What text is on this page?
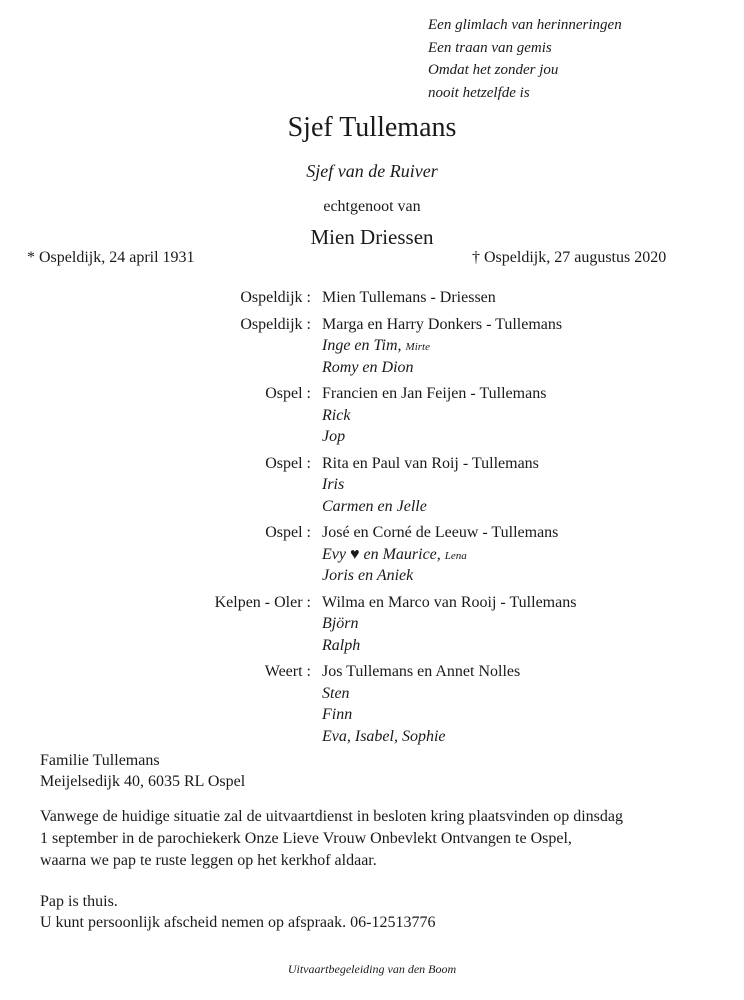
Een glimlach van herinneringen
Een traan van gemis
Omdat het zonder jou
nooit hetzelfde is
Sjef Tullemans
Sjef van de Ruiver
echtgenoot van
Mien Driessen
* Ospeldijk, 24 april 1931	† Ospeldijk, 27 augustus 2020
Ospeldijk : Mien Tullemans - Driessen
Ospeldijk : Marga en Harry Donkers - Tullemans
Inge en Tim, Mirte
Romy en Dion
Ospel : Francien en Jan Feijen - Tullemans
Rick
Jop
Ospel : Rita en Paul van Roij - Tullemans
Iris
Carmen en Jelle
Ospel : José en Corné de Leeuw - Tullemans
Evy ♥ en Maurice, Lena
Joris en Aniek
Kelpen - Oler : Wilma en Marco van Rooij - Tullemans
Björn
Ralph
Weert : Jos Tullemans en Annet Nolles
Sten
Finn
Eva, Isabel, Sophie
Familie Tullemans
Meijelsedijk 40, 6035 RL Ospel
Vanwege de huidige situatie zal de uitvaartdienst in besloten kring plaatsvinden op dinsdag
1 september in de parochiekerk Onze Lieve Vrouw Onbevlekt Ontvangen te Ospel,
waarna we pap te ruste leggen op het kerkhof aldaar.
Pap is thuis.
U kunt persoonlijk afscheid nemen op afspraak. 06-12513776
Uitvaartbegeleiding van den Boom
